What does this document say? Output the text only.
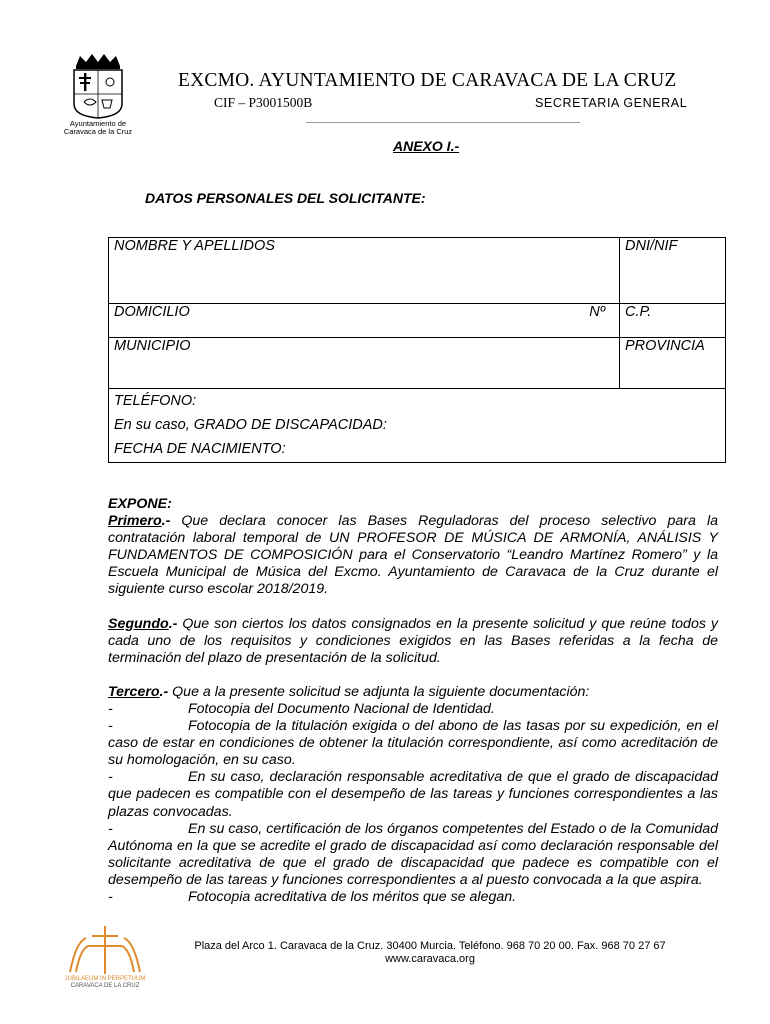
Ayuntamiento de
Caravaca de la Cruz
EXCMO. AYUNTAMIENTO DE CARAVACA DE LA CRUZ
CIF – P3001500B	SECRETARIA GENERAL
ANEXO I.-
DATOS PERSONALES DEL SOLICITANTE:
NOMBRE Y APELLIDOS	DNI/NIF
DOMICILIO Nº	C.P.
MUNICIPIO	PROVINCIA

TELÉFONO:
En su caso, GRADO DE DISCAPACIDAD:
FECHA DE NACIMIENTO:	

EXPONE:

Primero.- Que declara conocer las Bases Reguladoras del proceso selectivo para la contratación laboral temporal de UN PROFESOR DE MÚSICA DE ARMONÍA, ANÁLISIS Y FUNDAMENTOS DE COMPOSICIÓN para el Conservatorio “Leandro Martínez Romero” y la Escuela Municipal de Música del Excmo. Ayuntamiento de Caravaca de la Cruz durante el siguiente curso escolar 2018/2019.

Segundo.- Que son ciertos los datos consignados en la presente solicitud y que reúne todos y cada uno de los requisitos y condiciones exigidos en las Bases referidas a la fecha de terminación del plazo de presentación de la solicitud.

Tercero.- Que a la presente solicitud se adjunta la siguiente documentación:

-	Fotocopia del Documento Nacional de Identidad.

-	Fotocopia de la titulación exigida o del abono de las tasas por su expedición, en el caso de estar en condiciones de obtener la titulación correspondiente, así como acreditación de su homologación, en su caso.

-	En su caso, declaración responsable acreditativa de que el grado de discapacidad que padecen es compatible con el desempeño de las tareas y funciones correspondientes a las plazas convocadas.

-	En su caso, certificación de los órganos competentes del Estado o de la Comunidad Autónoma en la que se acredite el grado de discapacidad así como declaración responsable del solicitante acreditativa de que el grado de discapacidad que padece es compatible con el desempeño de las tareas y funciones correspondientes a al puesto convocada a la que aspira.

-	Fotocopia acreditativa de los méritos que se alegan.

JUBILAEUM IN PERPETUUM
CARAVACA DE LA CRUZ
Plaza del Arco 1. Caravaca de la Cruz. 30400 Murcia. Teléfono. 968 70 20 00. Fax. 968 70 27 67
www.caravaca.org
